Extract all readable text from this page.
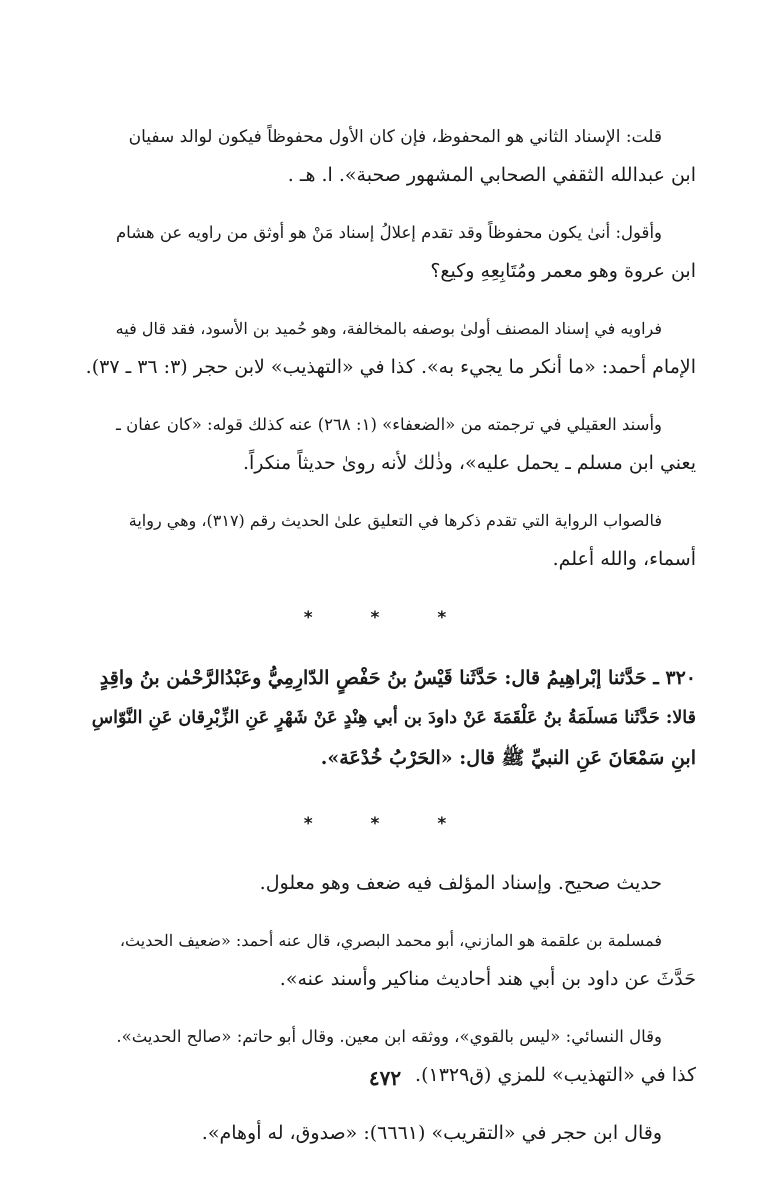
قلت: الإسناد الثاني هو المحفوظ، فإن كان الأول محفوظاً فيكون لوالد سفيان
ابن عبدالله الثقفي الصحابي المشهور صحبة». ا. هـ .
وأقول: أنىٰ يكون محفوظاً وقد تقدم إعلالُ إسناد مَنْ هو أوثق من راويه عن هشام
ابن عروة وهو معمر ومُتَابِعِهِ وكيع؟
فراويه في إسناد المصنف أولىٰ بوصفه بالمخالفة، وهو حُميد بن الأسود، فقد قال فيه
الإمام أحمد: «ما أنكر ما يجيء به». كذا في «التهذيب» لابن حجر (٣: ٣٦ ـ ٣٧).
وأسند العقيلي في ترجمته من «الضعفاء» (١: ٢٦٨) عنه كذلك قوله: «كان عفان ـ
يعني ابن مسلم ـ يحمل عليه»، وذٰلك لأنه روىٰ حديثاً منكراً.
فالصواب الرواية التي تقدم ذكرها في التعليق علىٰ الحديث رقم (٣١٧)، وهي رواية
أسماء، والله أعلم.
* * *
٣٢٠ ـ حَدَّثنا إبْراهِيمُ قال: حَدَّثَنا قَيْسُ بنُ حَفْصٍ الدّارِمِيُّ وعَبْدُالرَّحْمٰن بنُ واقِدٍ
قالا: حَدَّثَنا مَسلَمَةُ بنُ عَلْقَمَةَ عَنْ داودَ بن أبي هِنْدٍ عَنْ شَهْرٍ عَنِ الزِّبْرِقان عَنِ النَّوّاسِ
ابنِ سَمْعَانَ عَنِ النبيِّ ﷺ قال: «الحَرْبُ خُدْعَة».
* * *
حديث صحيح. وإسناد المؤلف فيه ضعف وهو معلول.
فمسلمة بن علقمة هو المازني، أبو محمد البصري، قال عنه أحمد: «ضعيف الحديث،
حَدَّثَ عن داود بن أبي هند أحاديث مناكير وأسند عنه».
وقال النسائي: «ليس بالقوي»، ووثقه ابن معين. وقال أبو حاتم: «صالح الحديث».
كذا في «التهذيب» للمزي (ق١٣٢٩).
وقال ابن حجر في «التقريب» (٦٦٦١): «صدوق، له أوهام».
٤٧٢
